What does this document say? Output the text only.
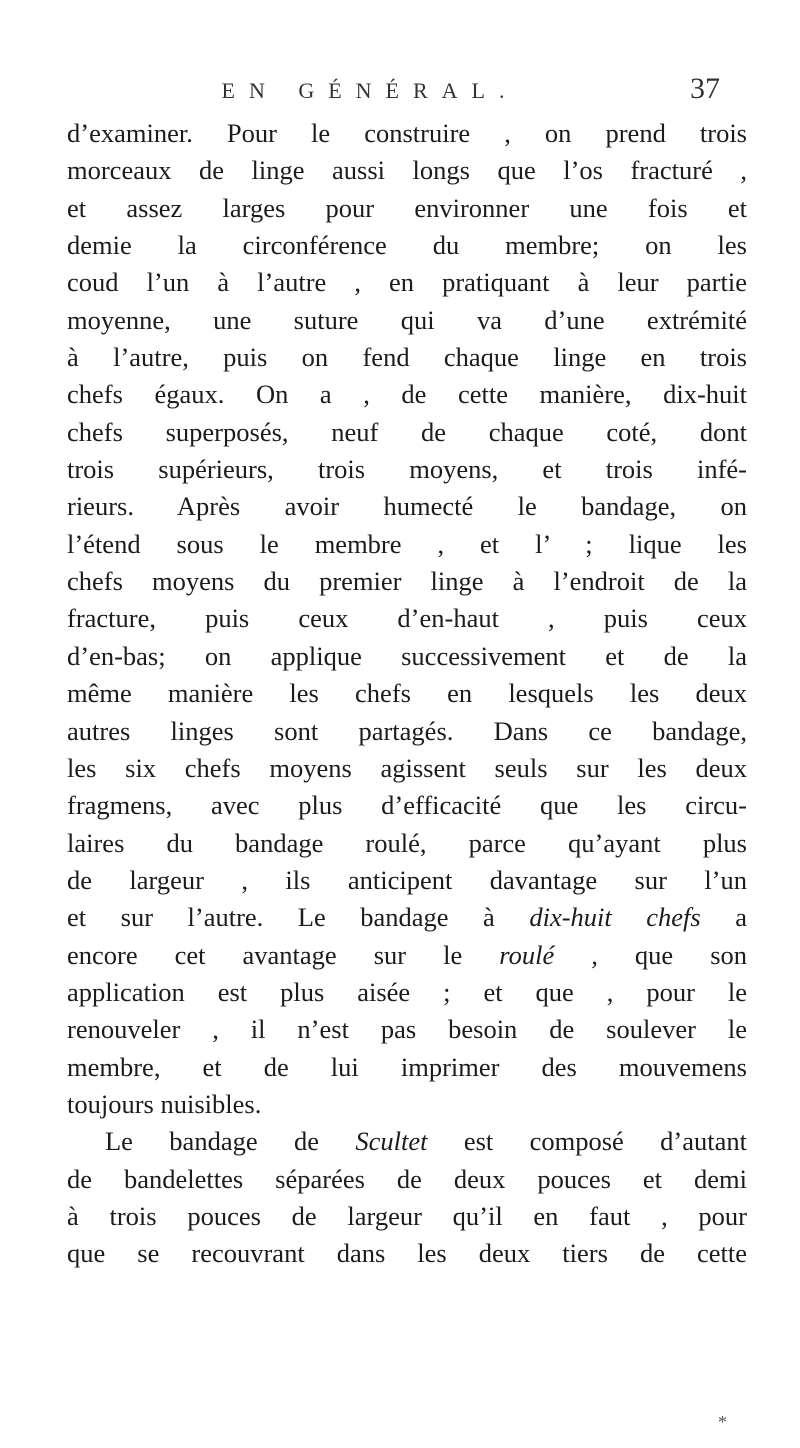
EN GÉNÉRAL.	37
d’examiner. Pour le construire , on prend trois
morceaux de linge aussi longs que l’os fracturé ,
et assez larges pour environner une fois et
demie la circonférence du membre; on les
coud l’un à l’autre , en pratiquant à leur partie
moyenne, une suture qui va d’une extrémité
à l’autre, puis on fend chaque linge en trois
chefs égaux. On a , de cette manière, dix-huit
chefs superposés, neuf de chaque coté, dont
trois supérieurs, trois moyens, et trois infé-
rieurs. Après avoir humecté le bandage, on
l’étend sous le membre , et l’ ; lique les
chefs moyens du premier linge à l’endroit de la
fracture, puis ceux d’en-haut , puis ceux
d’en-bas; on applique successivement et de la
même manière les chefs en lesquels les deux
autres linges sont partagés. Dans ce bandage,
les six chefs moyens agissent seuls sur les deux
fragmens, avec plus d’efficacité que les circu-
laires du bandage roulé, parce qu’ayant plus
de largeur , ils anticipent davantage sur l’un
et sur l’autre. Le bandage à dix-huit chefs a
encore cet avantage sur le roulé , que son
application est plus aisée ; et que , pour le
renouveler , il n’est pas besoin de soulever le
membre, et de lui imprimer des mouvemens
toujours nuisibles.
Le bandage de Scultet est composé d’autant
de bandelettes séparées de deux pouces et demi
à trois pouces de largeur qu’il en faut , pour
que se recouvrant dans les deux tiers de cette
*
